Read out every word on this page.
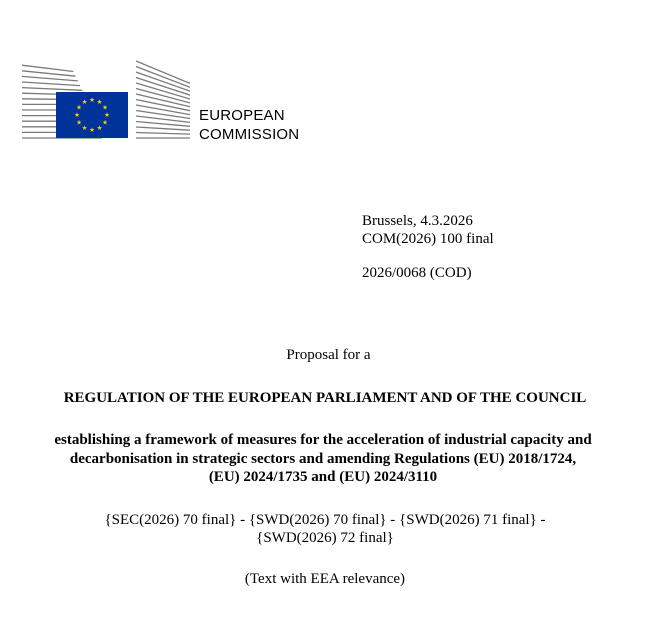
★ ★
★
★
★
★
★
★
★
★
★
★
EUROPEAN
COMMISSION
Brussels, 4.3.2026
COM(2026) 100 final
2026/0068 (COD)
Proposal for a
REGULATION OF THE EUROPEAN PARLIAMENT AND OF THE COUNCIL
establishing a framework of measures for the acceleration of industrial capacity and
decarbonisation in strategic sectors and amending Regulations (EU) 2018/1724,
(EU) 2024/1735 and (EU) 2024/3110
{SEC(2026) 70 final} - {SWD(2026) 70 final} - {SWD(2026) 71 final} -
{SWD(2026) 72 final}
(Text with EEA relevance)
